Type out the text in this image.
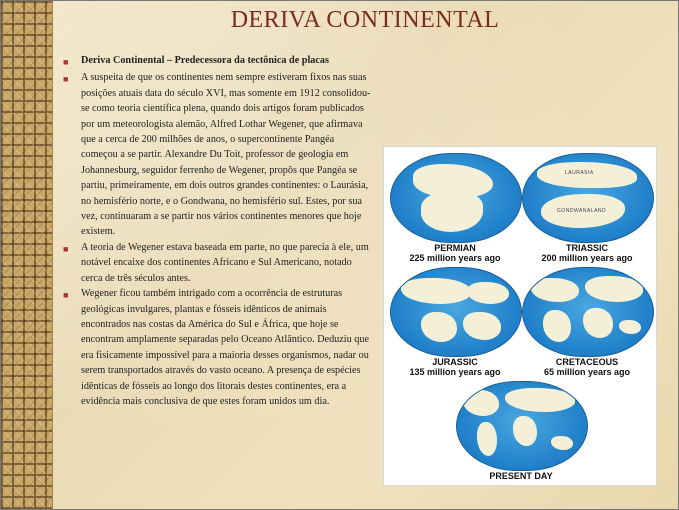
DERIVA CONTINENTAL

■ Deriva Continental – Predecessora da tectônica de placas

■ A suspeita de que os continentes nem sempre estiveram fixos nas suas posições atuais data do século XVI, mas somente em 1912 consolidou-se como teoria científica plena, quando dois artigos foram publicados por um meteorologista alemão, Alfred Lothar Wegener, que afirmava que a cerca de 200 milhões de anos, o supercontinente Pangéa começou a se partir. Alexandre Du Toit, professor de geologia em Johannesburg, seguidor ferrenho de Wegener, propôs que Pangéa se partiu, primeiramente, em dois outros grandes continentes: o Laurásia, no hemisfério norte, e o Gondwana, no hemisfério sul. Estes, por sua vez, continuaram a se partir nos vários continentes menores que hoje existem.

■ A teoria de Wegener estava baseada em parte, no que parecia à ele, um notável encaixe dos continentes Africano e Sul Americano, notado cerca de três séculos antes.

■ Wegener ficou também intrigado com a ocorrência de estruturas geológicas invulgares, plantas e fósseis idênticos de animais encontrados nas costas da América do Sul e África, que hoje se encontram amplamente separadas pelo Oceano Atlântico. Deduziu que era fisicamente impossível para a maioria desses organismos, nadar ou serem transportados através do vasto oceano. A presença de espécies idênticas de fósseis ao longo dos litorais destes continentes, era a evidência mais conclusiva de que estes foram unidos um dia.

PERMIAN
225 million years ago
LAURASIA
GONDWANALAND
TRIASSIC
200 million years ago
JURASSIC
135 million years ago
CRETACEOUS
65 million years ago
PRESENT DAY
